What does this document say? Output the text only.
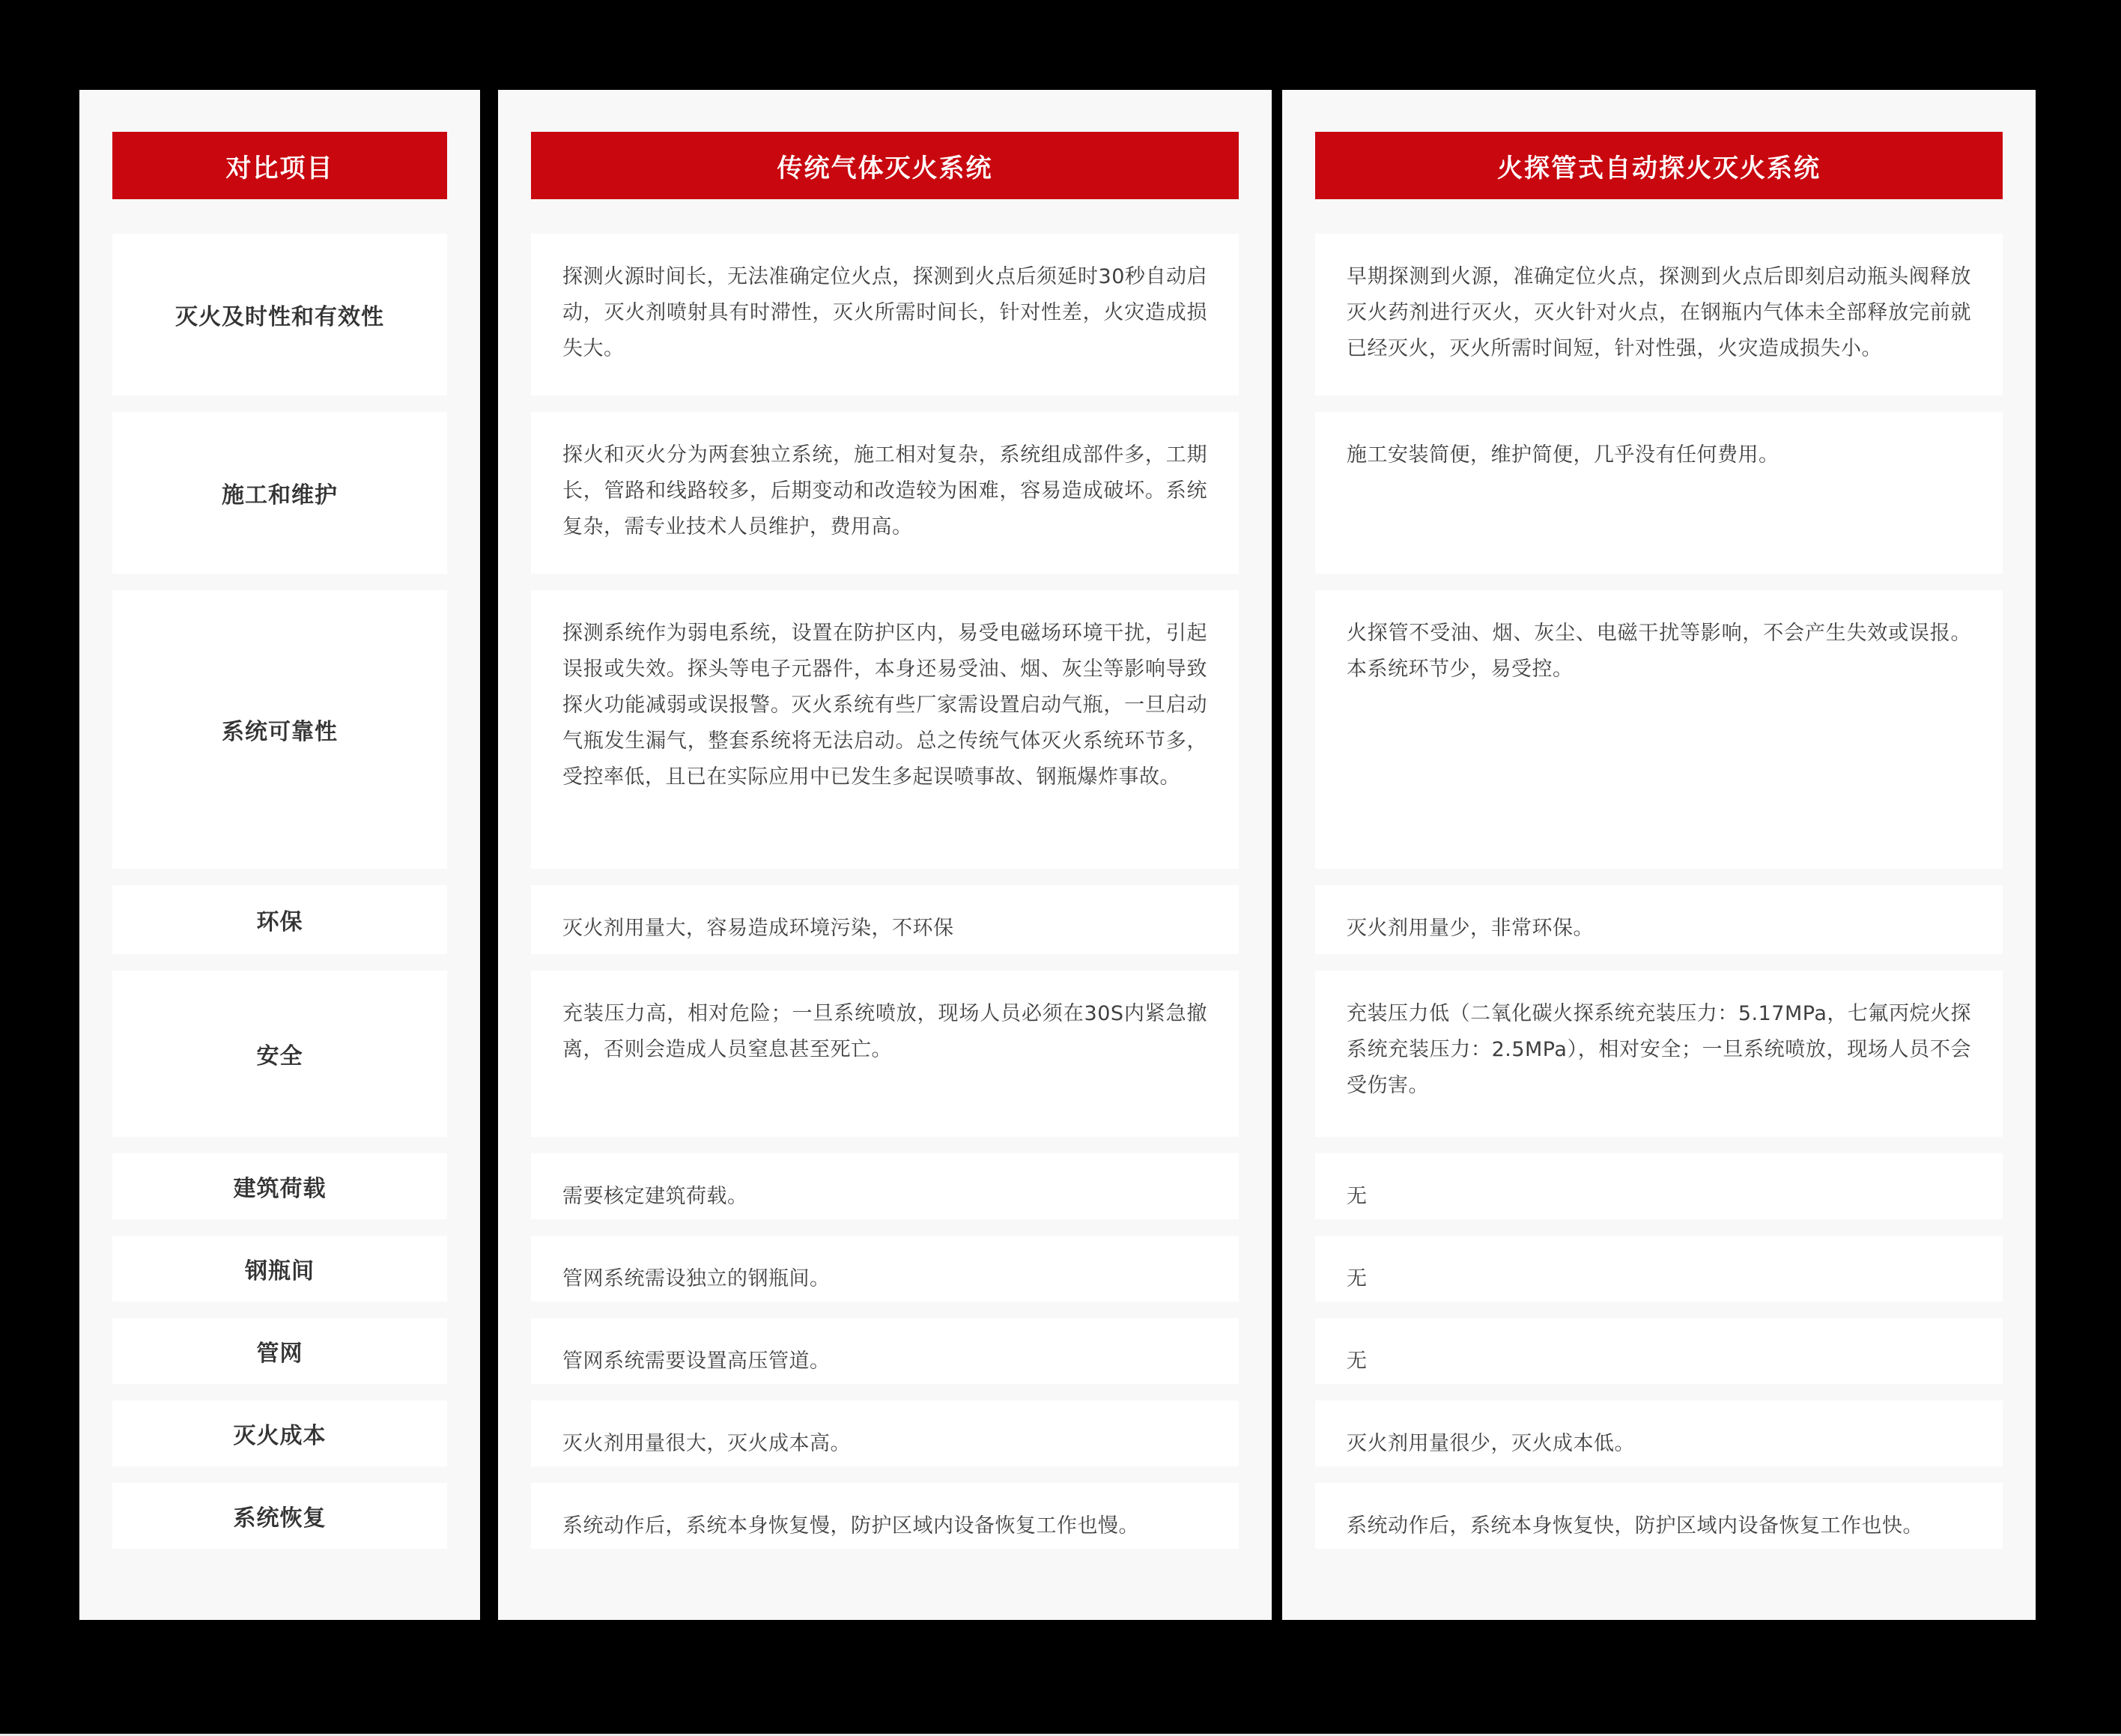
对比项目
灭火及时性和有效性
施工和维护
系统可靠性
环保
安全
建筑荷载
钢瓶间
管网
灭火成本
系统恢复
传统气体灭火系统
探测火源时间长，无法准确定位火点，探测到火点后须延时30秒自动启动，灭火剂喷射具有时滞性，灭火所需时间长，针对性差，火灾造成损失大。
探火和灭火分为两套独立系统，施工相对复杂，系统组成部件多，工期长，管路和线路较多，后期变动和改造较为困难，容易造成破坏。系统复杂，需专业技术人员维护，费用高。
探测系统作为弱电系统，设置在防护区内，易受电磁场环境干扰，引起误报或失效。探头等电子元器件，本身还易受油、烟、灰尘等影响导致探火功能减弱或误报警。灭火系统有些厂家需设置启动气瓶，一旦启动气瓶发生漏气，整套系统将无法启动。总之传统气体灭火系统环节多，受控率低，且已在实际应用中已发生多起误喷事故、钢瓶爆炸事故。
灭火剂用量大，容易造成环境污染，不环保
充装压力高，相对危险；一旦系统喷放，现场人员必须在30S内紧急撤离，否则会造成人员窒息甚至死亡。
需要核定建筑荷载。
管网系统需设独立的钢瓶间。
管网系统需要设置高压管道。
灭火剂用量很大，灭火成本高。
系统动作后，系统本身恢复慢，防护区域内设备恢复工作也慢。
火探管式自动探火灭火系统
早期探测到火源，准确定位火点，探测到火点后即刻启动瓶头阀释放灭火药剂进行灭火，灭火针对火点，在钢瓶内气体未全部释放完前就已经灭火，灭火所需时间短，针对性强，火灾造成损失小。
施工安装简便，维护简便，几乎没有任何费用。
火探管不受油、烟、灰尘、电磁干扰等影响，不会产生失效或误报。本系统环节少，易受控。
灭火剂用量少，非常环保。
充装压力低（二氧化碳火探系统充装压力：5.17MPa，七氟丙烷火探系统充装压力：2.5MPa），相对安全；一旦系统喷放，现场人员不会受伤害。
无
无
无
灭火剂用量很少，灭火成本低。
系统动作后，系统本身恢复快，防护区域内设备恢复工作也快。
